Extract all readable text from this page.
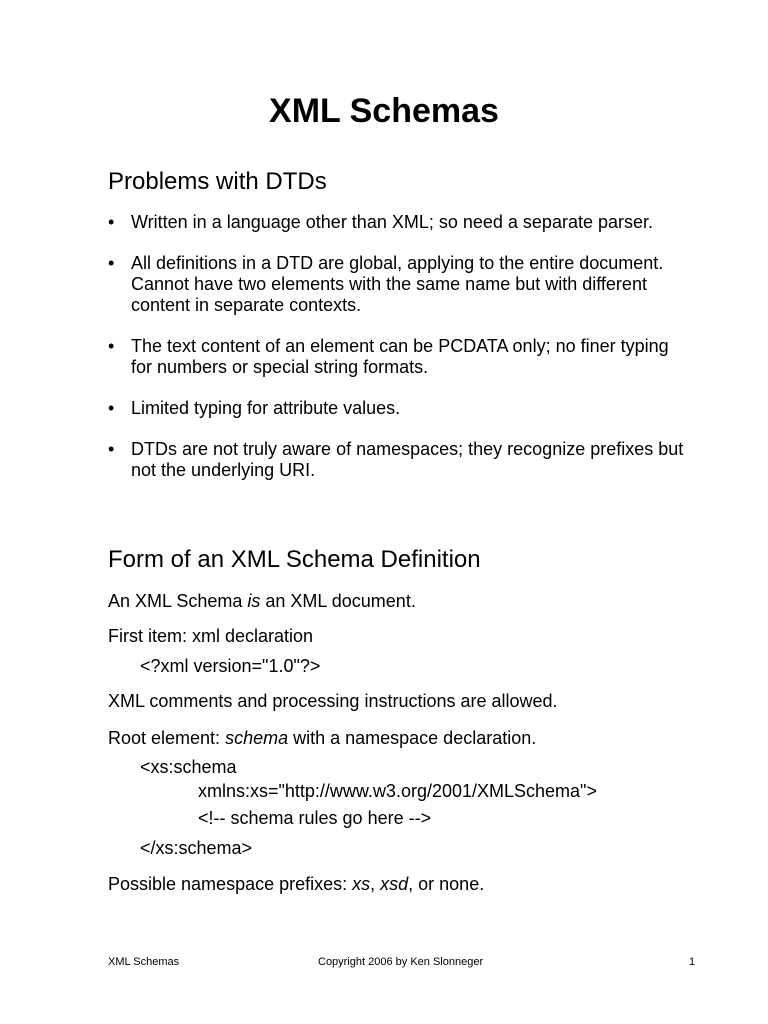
XML Schemas
Problems with DTDs
• Written in a language other than XML; so need a separate parser.
• All definitions in a DTD are global, applying to the entire document. Cannot have two elements with the same name but with different content in separate contexts.
• The text content of an element can be PCDATA only; no finer typing for numbers or special string formats.
• Limited typing for attribute values.
• DTDs are not truly aware of namespaces; they recognize prefixes but not the underlying URI.
Form of an XML Schema Definition

An XML Schema is an XML document.

First item: xml declaration

<?xml version="1.0"?>

XML comments and processing instructions are allowed.

Root element: schema with a namespace declaration.

<xs:schema

xmlns:xs="http://www.w3.org/2001/XMLSchema">

<!-- schema rules go here -->

</xs:schema>

Possible namespace prefixes: xs, xsd, or none.

XML Schemas	Copyright 2006 by Ken Slonneger	1
